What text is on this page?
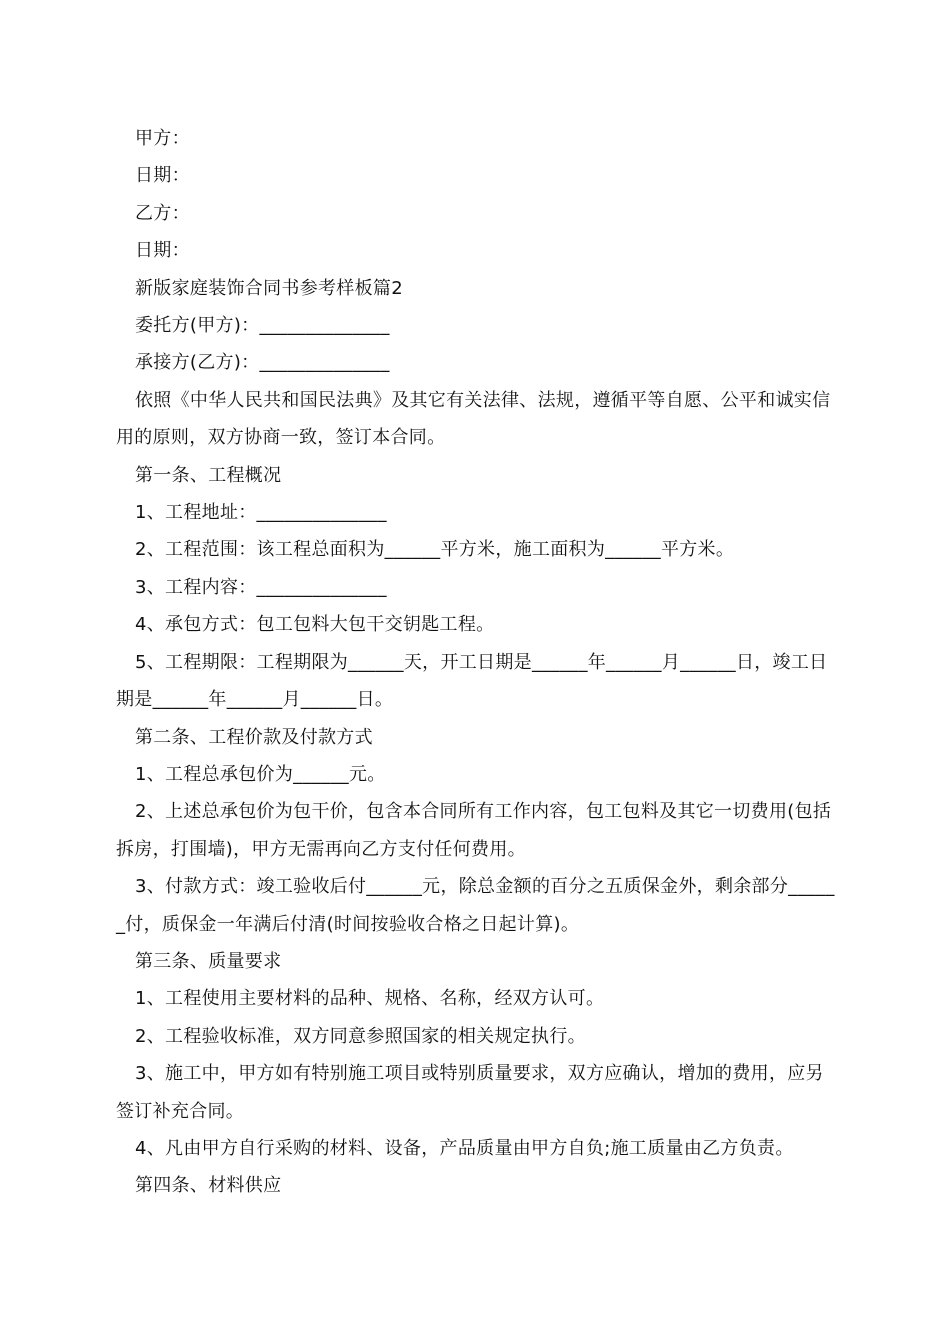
甲方：

日期：

乙方：

日期：

新版家庭装饰合同书参考样板篇2

委托方(甲方)：______________

承接方(乙方)：______________

依照《中华人民共和国民法典》及其它有关法律、法规，遵循平等自愿、公平和诚实信用的原则，双方协商一致，签订本合同。

第一条、工程概况

1、工程地址：______________

2、工程范围：该工程总面积为______平方米，施工面积为______平方米。

3、工程内容：______________

4、承包方式：包工包料大包干交钥匙工程。

5、工程期限：工程期限为______天，开工日期是______年______月______日，竣工日期是______年______月______日。

第二条、工程价款及付款方式

1、工程总承包价为______元。

2、上述总承包价为包干价，包含本合同所有工作内容，包工包料及其它一切费用(包括拆房，打围墙)，甲方无需再向乙方支付任何费用。

3、付款方式：竣工验收后付______元，除总金额的百分之五质保金外，剩余部分______付，质保金一年满后付清(时间按验收合格之日起计算)。

第三条、质量要求

1、工程使用主要材料的品种、规格、名称，经双方认可。

2、工程验收标准，双方同意参照国家的相关规定执行。

3、施工中，甲方如有特别施工项目或特别质量要求，双方应确认，增加的费用，应另签订补充合同。

4、凡由甲方自行采购的材料、设备，产品质量由甲方自负;施工质量由乙方负责。

第四条、材料供应
